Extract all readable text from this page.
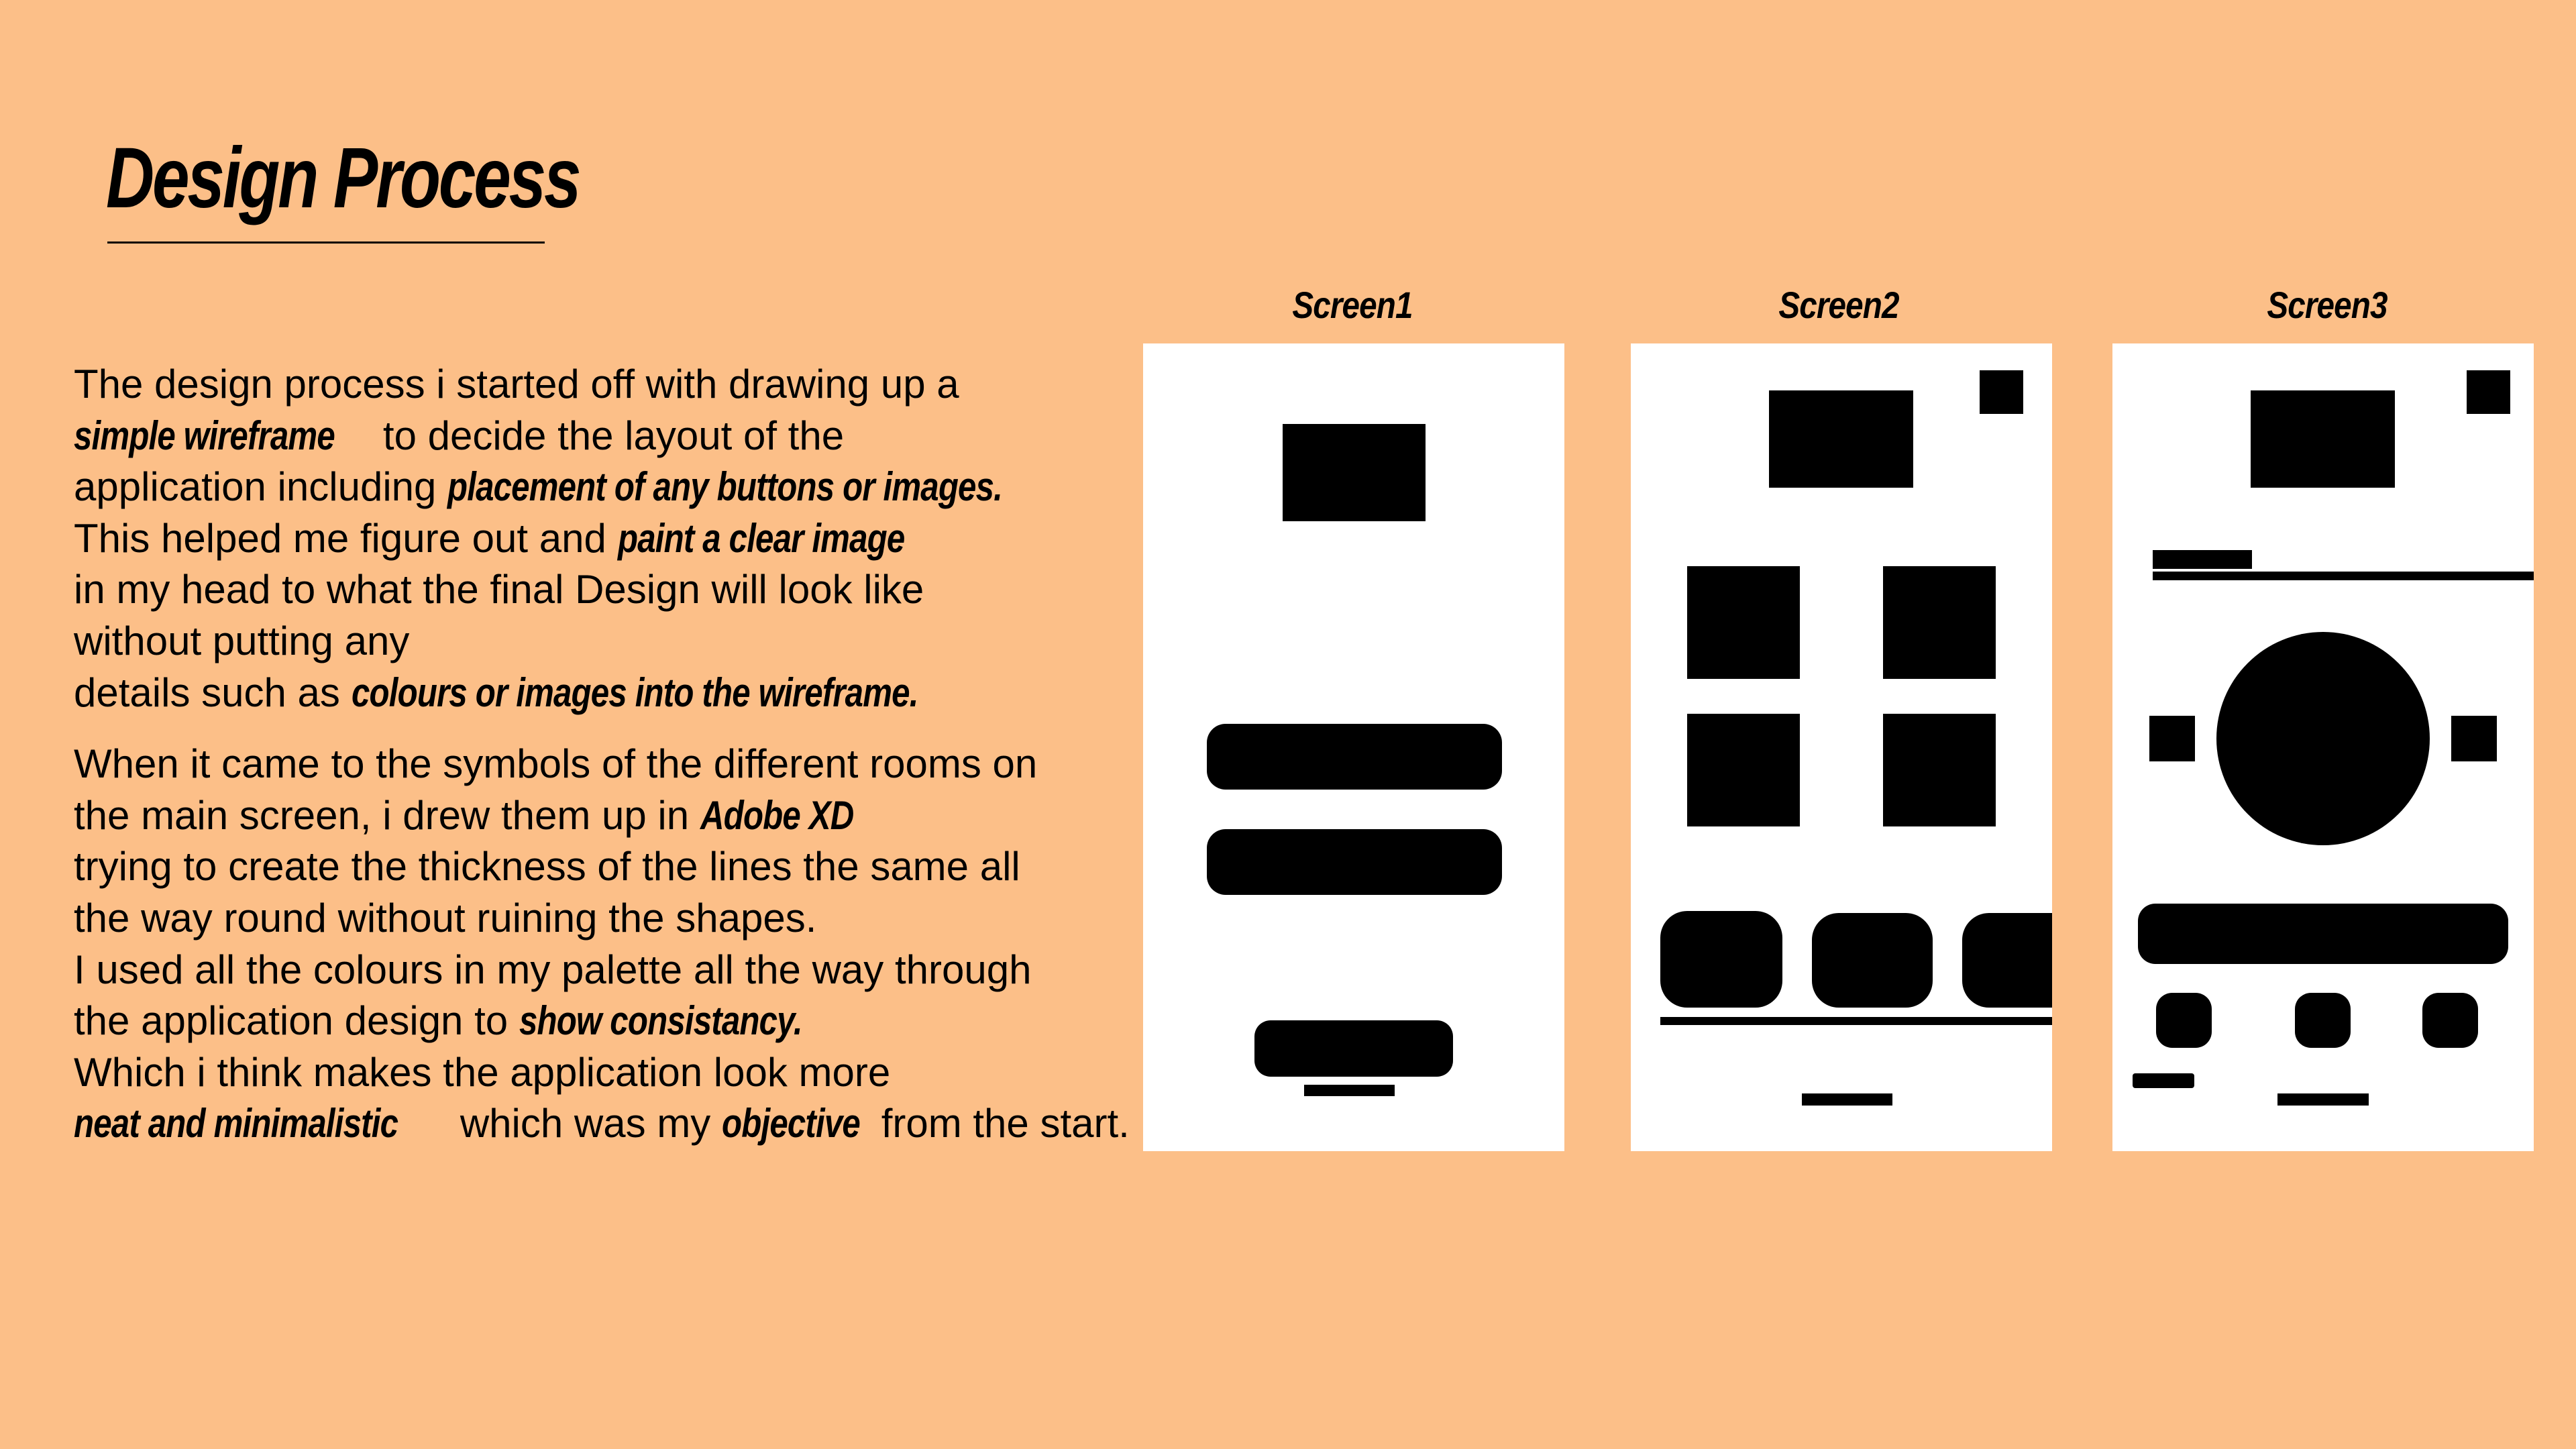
Design Process

The design process i started off with drawing up a
simple wireframe to decide the layout of the
application including placement of any buttons or images.
This helped me figure out and paint a clear image
in my head to what the final Design will look like
without putting any
details such as colours or images into the wireframe.

When it came to the symbols of the different rooms on
the main screen, i drew them up in Adobe XD
trying to create the thickness of the lines the same all
the way round without ruining the shapes.
I used all the colours in my palette all the way through
the application design to show consistancy.
Which i think makes the application look more
neat and minimalistic which was my objective from the start.

Screen1	Screen2	Screen3
